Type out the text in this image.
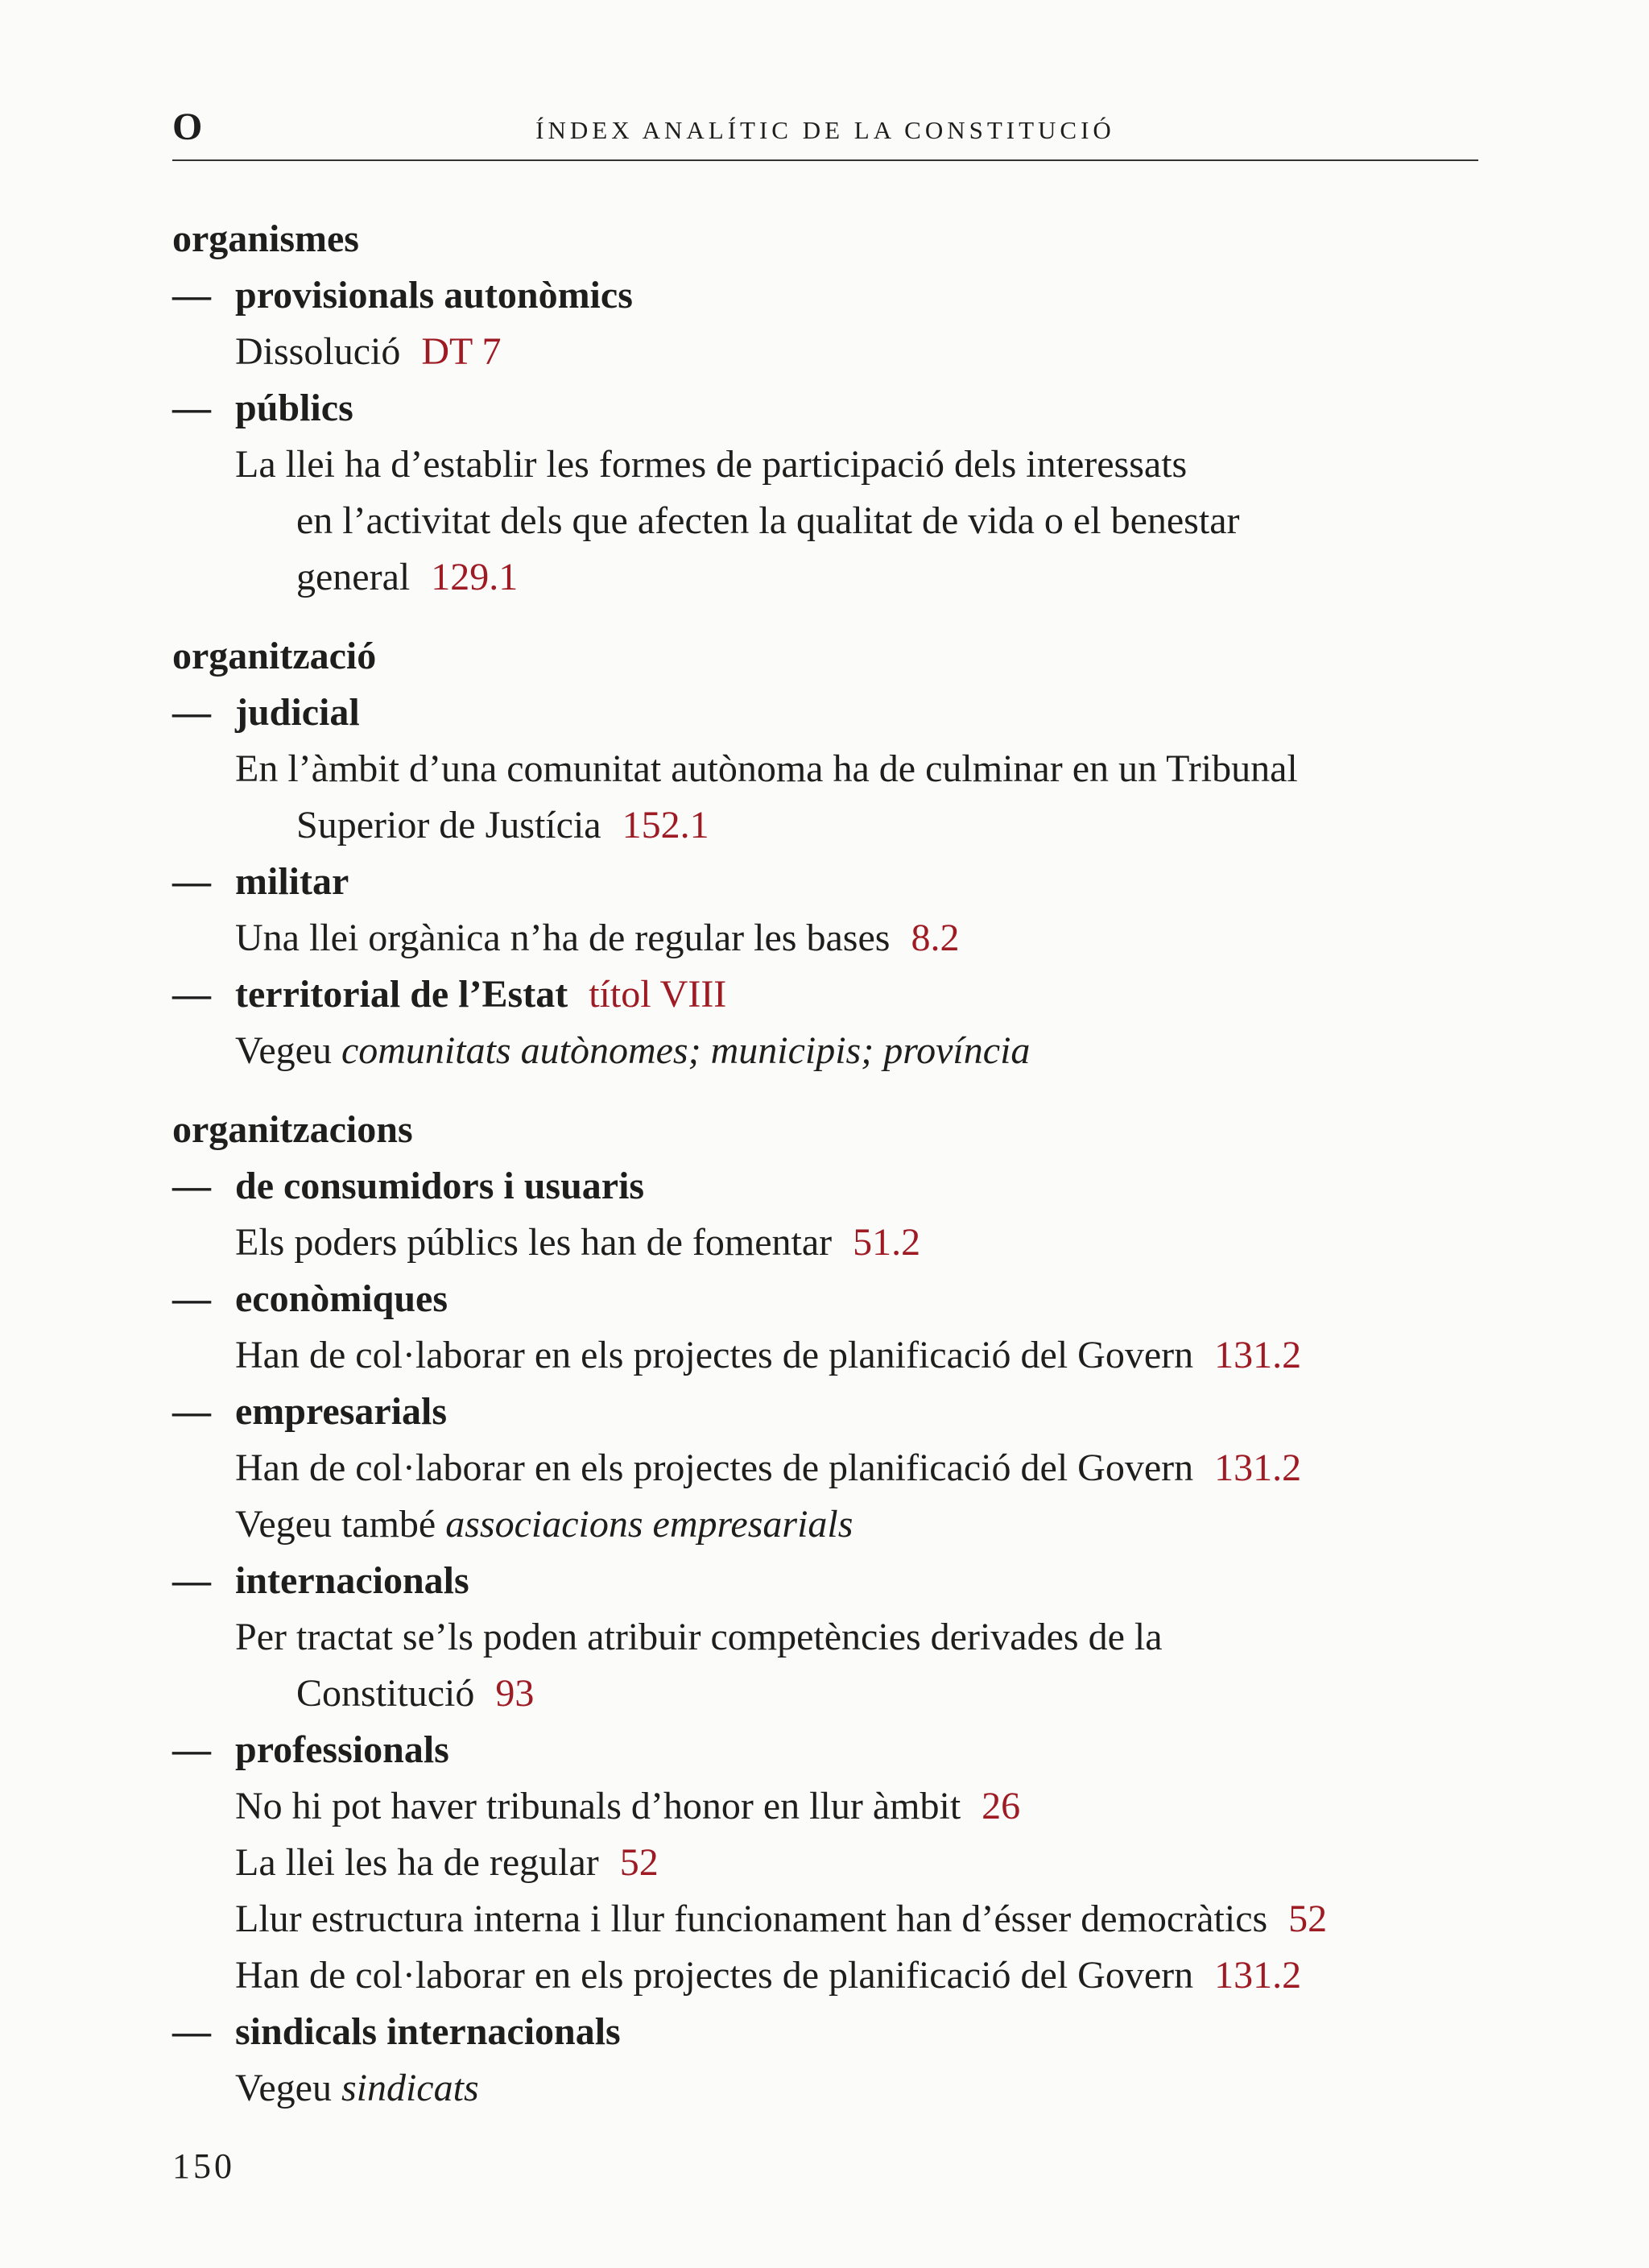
O	ÍNDEX ANALÍTIC DE LA CONSTITUCIÓ
organismes
— provisionals autonòmics
Dissolució DT 7
— públics
La llei ha d’establir les formes de participació dels interessats
en l’activitat dels que afecten la qualitat de vida o el benestar
general 129.1
organització
— judicial
En l’àmbit d’una comunitat autònoma ha de culminar en un Tribunal
Superior de Justícia 152.1
— militar
Una llei orgànica n’ha de regular les bases 8.2
— territorial de l’Estat títol VIII
Vegeu comunitats autònomes; municipis; província
organitzacions
— de consumidors i usuaris
Els poders públics les han de fomentar 51.2
— econòmiques
Han de col·laborar en els projectes de planificació del Govern 131.2
— empresarials
Han de col·laborar en els projectes de planificació del Govern 131.2
Vegeu també associacions empresarials
— internacionals
Per tractat se’ls poden atribuir competències derivades de la
Constitució 93
— professionals
No hi pot haver tribunals d’honor en llur àmbit 26
La llei les ha de regular 52
Llur estructura interna i llur funcionament han d’ésser democràtics 52
Han de col·laborar en els projectes de planificació del Govern 131.2
— sindicals internacionals
Vegeu sindicats
150
